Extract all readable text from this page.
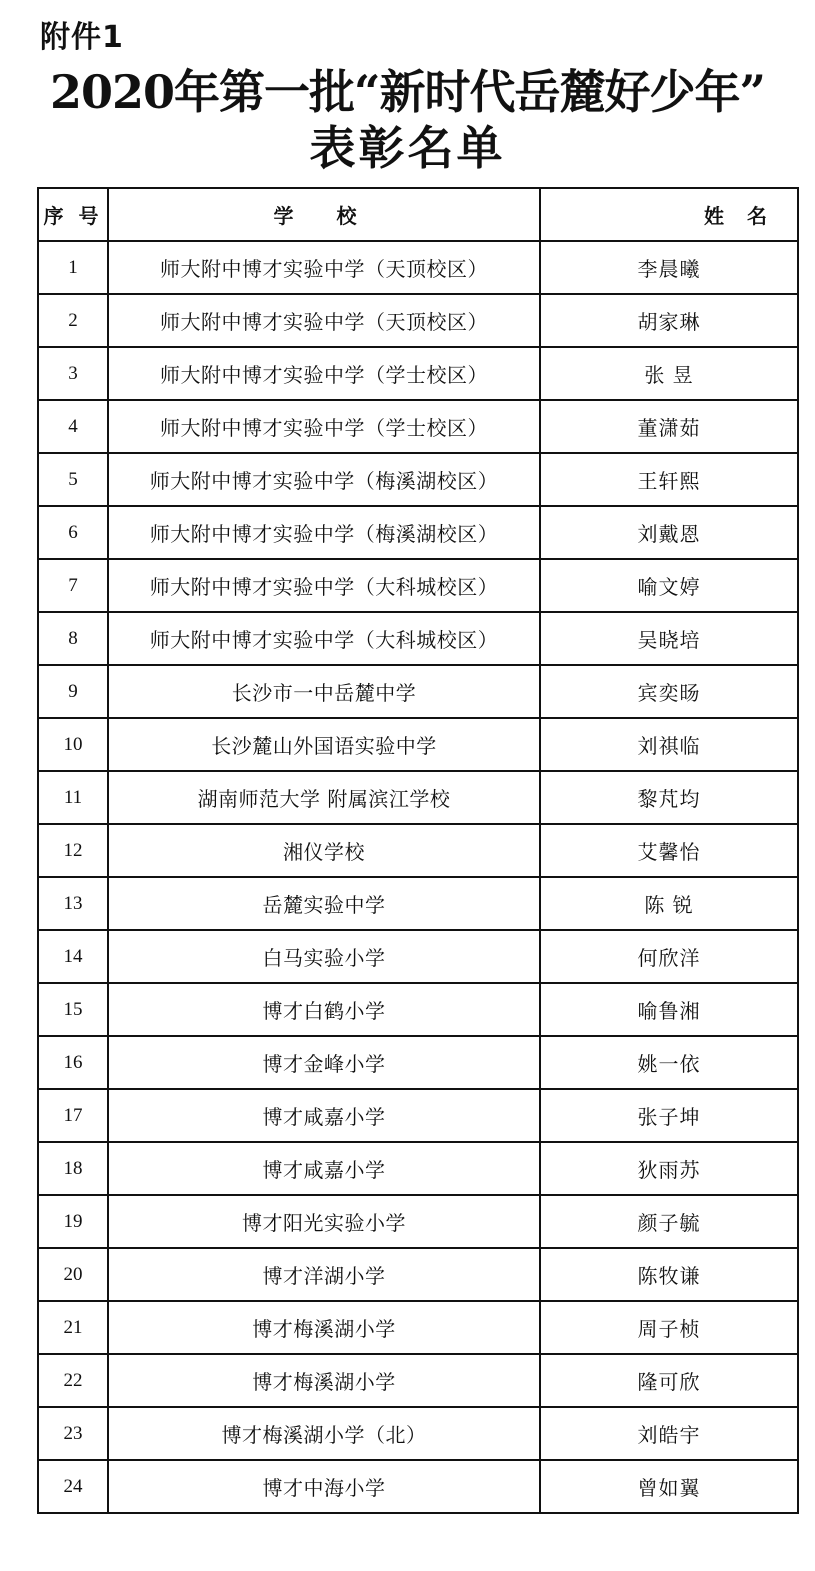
附件1
2020年第一批“新时代岳麓好少年”
表彰名单
序 号	学 校	姓 名
1	师大附中博才实验中学（天顶校区）	李晨曦
2	师大附中博才实验中学（天顶校区）	胡家琳
3	师大附中博才实验中学（学士校区）	张 昱
4	师大附中博才实验中学（学士校区）	董潇茹
5	师大附中博才实验中学（梅溪湖校区）	王轩熙
6	师大附中博才实验中学（梅溪湖校区）	刘戴恩
7	师大附中博才实验中学（大科城校区）	喻文婷
8	师大附中博才实验中学（大科城校区）	吴晓培
9	长沙市一中岳麓中学	宾奕旸
10	长沙麓山外国语实验中学	刘祺临
11	湖南师范大学 附属滨江学校	黎芃均
12	湘仪学校	艾馨怡
13	岳麓实验中学	陈 锐
14	白马实验小学	何欣洋
15	博才白鹤小学	喻鲁湘
16	博才金峰小学	姚一依
17	博才咸嘉小学	张子坤
18	博才咸嘉小学	狄雨苏
19	博才阳光实验小学	颜子毓
20	博才洋湖小学	陈牧谦
21	博才梅溪湖小学	周子桢
22	博才梅溪湖小学	隆可欣
23	博才梅溪湖小学（北）	刘皓宇
24	博才中海小学	曾如翼
